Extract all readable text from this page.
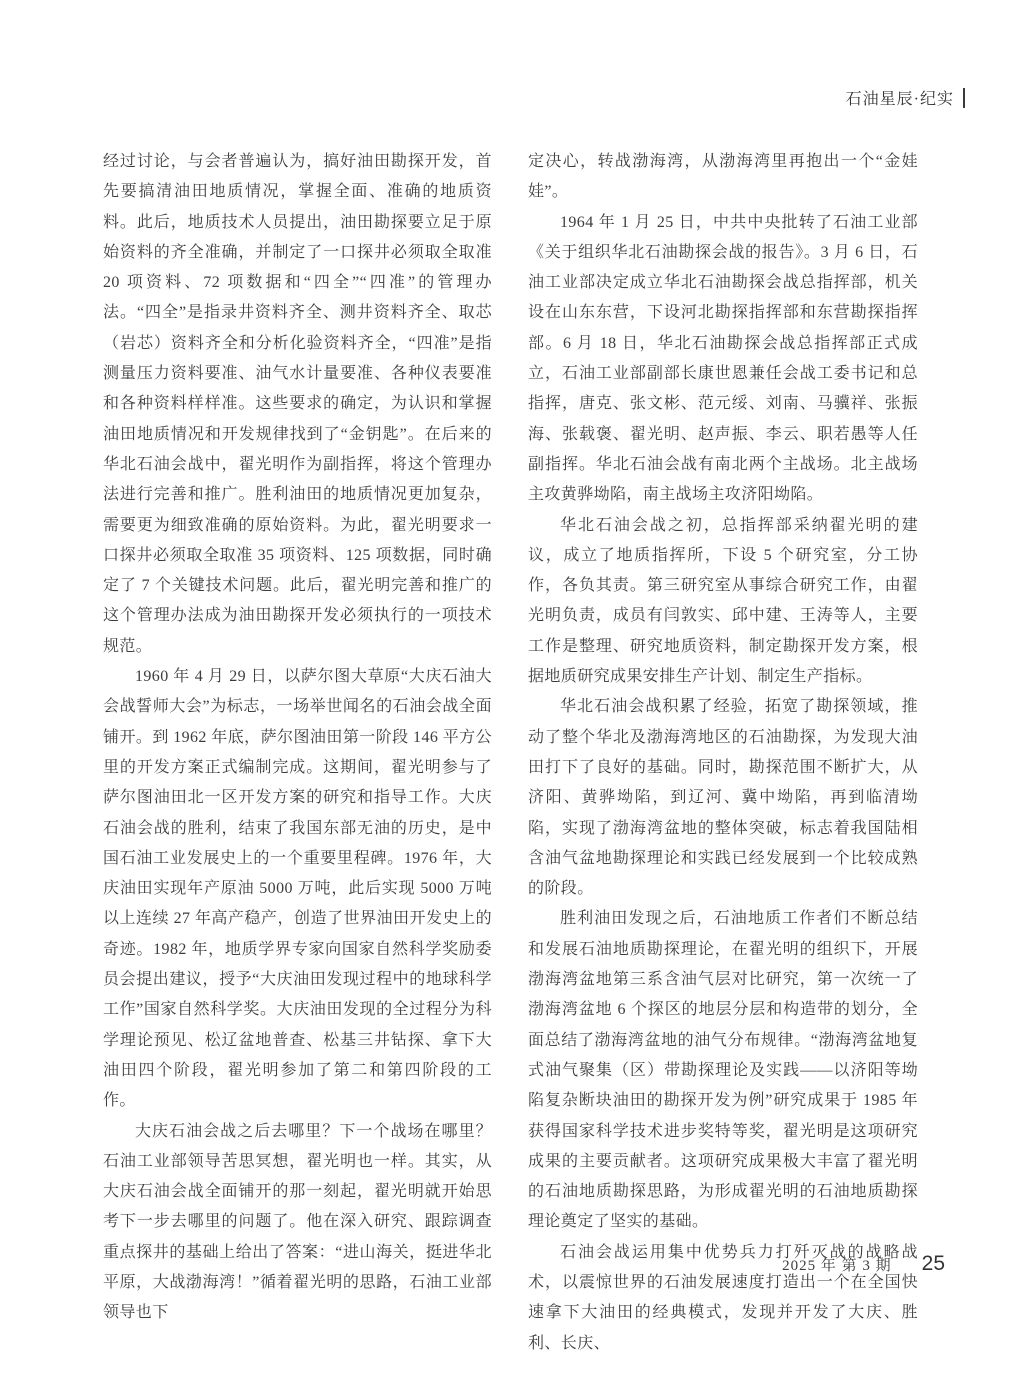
石油星辰·纪实

经过讨论，与会者普遍认为，搞好油田勘探开发，首先要搞清油田地质情况，掌握全面、准确的地质资料。此后，地质技术人员提出，油田勘探要立足于原始资料的齐全准确，并制定了一口探井必须取全取准 20 项资料、72 项数据和“四全”“四准”的管理办法。“四全”是指录井资料齐全、测井资料齐全、取芯（岩芯）资料齐全和分析化验资料齐全，“四准”是指测量压力资料要准、油气水计量要准、各种仪表要准和各种资料样样准。这些要求的确定，为认识和掌握油田地质情况和开发规律找到了“金钥匙”。在后来的华北石油会战中，翟光明作为副指挥，将这个管理办法进行完善和推广。胜利油田的地质情况更加复杂，需要更为细致准确的原始资料。为此，翟光明要求一口探井必须取全取准 35 项资料、125 项数据，同时确定了 7 个关键技术问题。此后，翟光明完善和推广的这个管理办法成为油田勘探开发必须执行的一项技术规范。

1960 年 4 月 29 日，以萨尔图大草原“大庆石油大会战誓师大会”为标志，一场举世闻名的石油会战全面铺开。到 1962 年底，萨尔图油田第一阶段 146 平方公里的开发方案正式编制完成。这期间，翟光明参与了萨尔图油田北一区开发方案的研究和指导工作。大庆石油会战的胜利，结束了我国东部无油的历史，是中国石油工业发展史上的一个重要里程碑。1976 年，大庆油田实现年产原油 5000 万吨，此后实现 5000 万吨以上连续 27 年高产稳产，创造了世界油田开发史上的奇迹。1982 年，地质学界专家向国家自然科学奖励委员会提出建议，授予“大庆油田发现过程中的地球科学工作”国家自然科学奖。大庆油田发现的全过程分为科学理论预见、松辽盆地普查、松基三井钻探、拿下大油田四个阶段，翟光明参加了第二和第四阶段的工作。

大庆石油会战之后去哪里？下一个战场在哪里？石油工业部领导苦思冥想，翟光明也一样。其实，从大庆石油会战全面铺开的那一刻起，翟光明就开始思考下一步去哪里的问题了。他在深入研究、跟踪调查重点探井的基础上给出了答案：“进山海关，挺进华北平原，大战渤海湾！”循着翟光明的思路，石油工业部领导也下

定决心，转战渤海湾，从渤海湾里再抱出一个“金娃娃”。

1964 年 1 月 25 日，中共中央批转了石油工业部《关于组织华北石油勘探会战的报告》。3 月 6 日，石油工业部决定成立华北石油勘探会战总指挥部，机关设在山东东营，下设河北勘探指挥部和东营勘探指挥部。6 月 18 日，华北石油勘探会战总指挥部正式成立，石油工业部副部长康世恩兼任会战工委书记和总指挥，唐克、张文彬、范元绥、刘南、马骥祥、张振海、张载褒、翟光明、赵声振、李云、职若愚等人任副指挥。华北石油会战有南北两个主战场。北主战场主攻黄骅坳陷，南主战场主攻济阳坳陷。

华北石油会战之初，总指挥部采纳翟光明的建议，成立了地质指挥所，下设 5 个研究室，分工协作，各负其责。第三研究室从事综合研究工作，由翟光明负责，成员有闫敦实、邱中建、王涛等人，主要工作是整理、研究地质资料，制定勘探开发方案，根据地质研究成果安排生产计划、制定生产指标。

华北石油会战积累了经验，拓宽了勘探领域，推动了整个华北及渤海湾地区的石油勘探，为发现大油田打下了良好的基础。同时，勘探范围不断扩大，从济阳、黄骅坳陷，到辽河、冀中坳陷，再到临清坳陷，实现了渤海湾盆地的整体突破，标志着我国陆相含油气盆地勘探理论和实践已经发展到一个比较成熟的阶段。

胜利油田发现之后，石油地质工作者们不断总结和发展石油地质勘探理论，在翟光明的组织下，开展渤海湾盆地第三系含油气层对比研究，第一次统一了渤海湾盆地 6 个探区的地层分层和构造带的划分，全面总结了渤海湾盆地的油气分布规律。“渤海湾盆地复式油气聚集（区）带勘探理论及实践——以济阳等坳陷复杂断块油田的勘探开发为例”研究成果于 1985 年获得国家科学技术进步奖特等奖，翟光明是这项研究成果的主要贡献者。这项研究成果极大丰富了翟光明的石油地质勘探思路，为形成翟光明的石油地质勘探理论奠定了坚实的基础。

石油会战运用集中优势兵力打歼灭战的战略战术，以震惊世界的石油发展速度打造出一个在全国快速拿下大油田的经典模式，发现并开发了大庆、胜利、长庆、

2025 年 第 3 期 25
